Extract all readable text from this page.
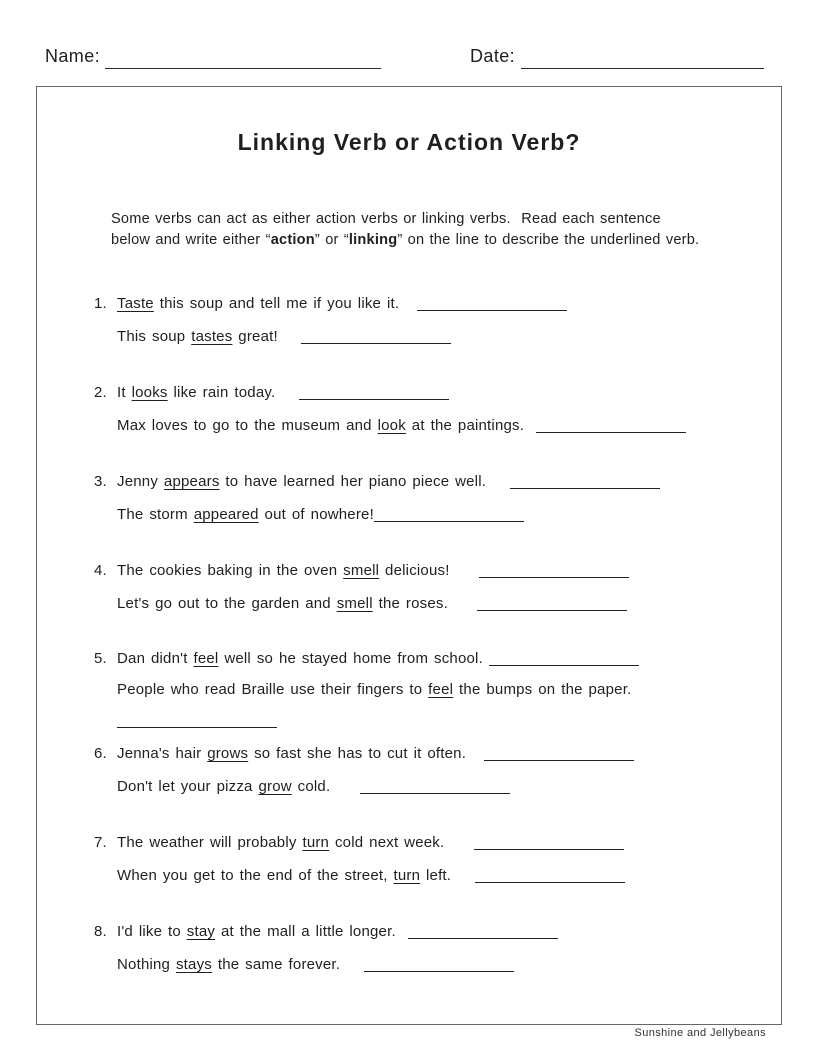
Name:	Date:
Linking Verb or Action Verb?

Some verbs can act as either action verbs or linking verbs.  Read each sentence below and write either “action” or “linking” on the line to describe the underlined verb.

1. Taste this soup and tell me if you like it.
This soup tastes great!
2. It looks like rain today.
Max loves to go to the museum and look at the paintings.
3. Jenny appears to have learned her piano piece well.
The storm appeared out of nowhere!
4. The cookies baking in the oven smell delicious!
Let's go out to the garden and smell the roses.
5. Dan didn't feel well so he stayed home from school.
People who read Braille use their fingers to feel the bumps on the paper.
6. Jenna's hair grows so fast she has to cut it often.
Don't let your pizza grow cold.
7. The weather will probably turn cold next week.
When you get to the end of the street, turn left.
8. I'd like to stay at the mall a little longer.
Nothing stays the same forever.
Sunshine and Jellybeans
